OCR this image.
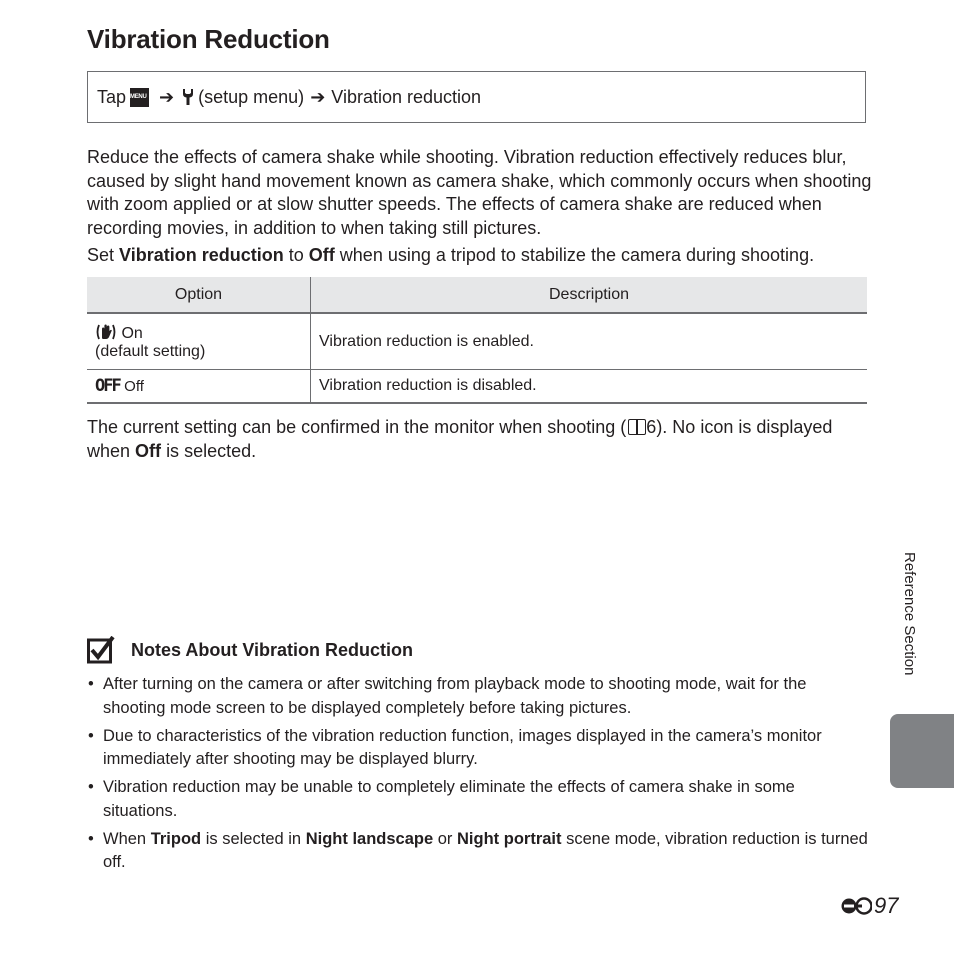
Vibration Reduction
Tap MENU ➔ (setup menu) ➔ Vibration reduction

Reduce the effects of camera shake while shooting. Vibration reduction effectively reduces blur, caused by slight hand movement known as camera shake, which commonly occurs when shooting with zoom applied or at slow shutter speeds. The effects of camera shake are reduced when recording movies, in addition to when taking still pictures.

Set Vibration reduction to Off when using a tripod to stabilize the camera during shooting.

Option	Description
On
(default setting)	Vibration reduction is enabled.
OFF Off	Vibration reduction is disabled.

The current setting can be confirmed in the monitor when shooting ( 6). No icon is displayed when Off is selected.

Notes About Vibration Reduction
• After turning on the camera or after switching from playback mode to shooting mode, wait for the shooting mode screen to be displayed completely before taking pictures.
• Due to characteristics of the vibration reduction function, images displayed in the camera’s monitor immediately after shooting may be displayed blurry.
• Vibration reduction may be unable to completely eliminate the effects of camera shake in some situations.
• When Tripod is selected in Night landscape or Night portrait scene mode, vibration reduction is turned off.
Reference Section
97
